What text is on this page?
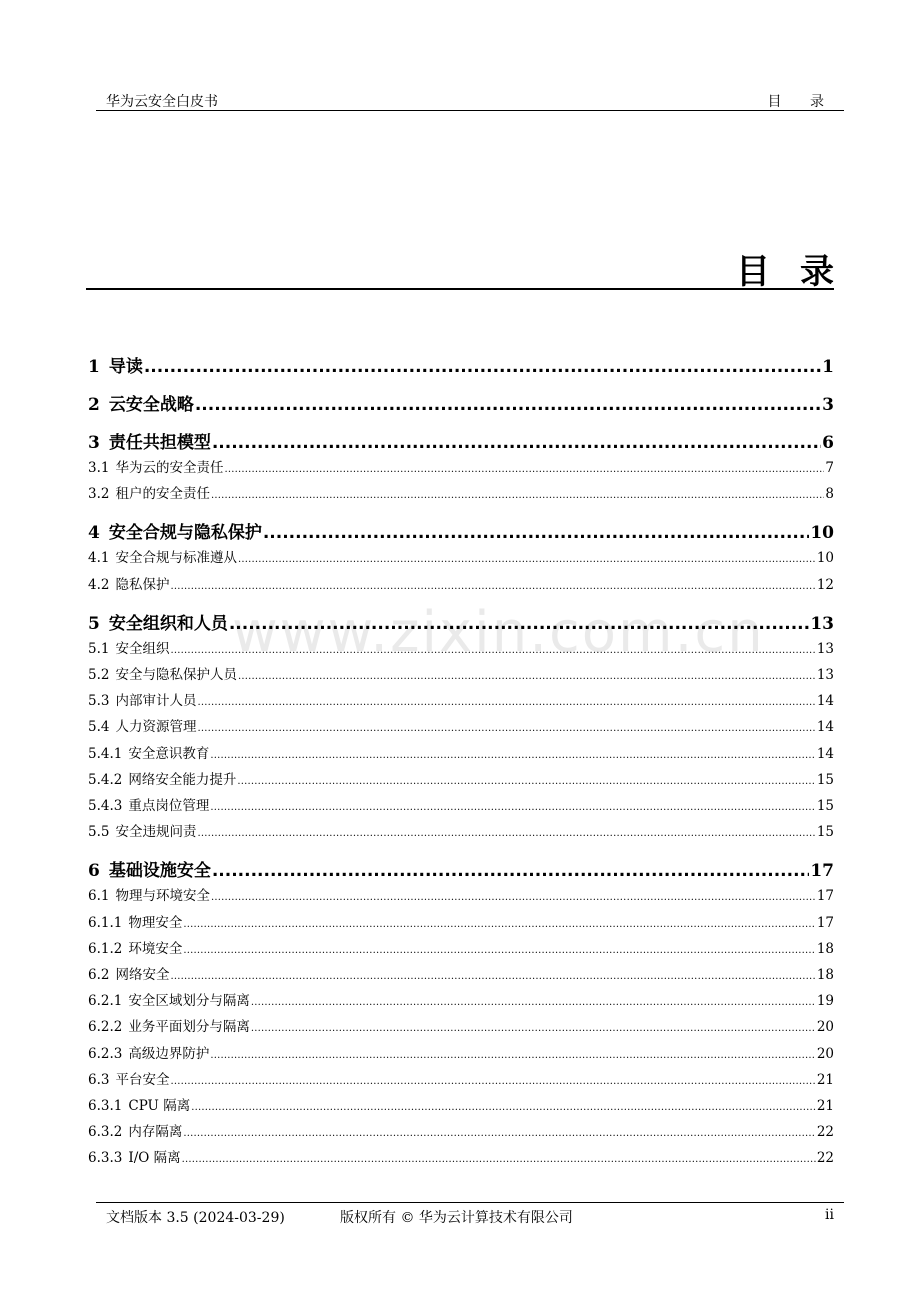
华为云安全白皮书	目 录
目录
www.zixin.com.cn
1 导读 .....	1
2 云安全战略 .....	3
3 责任共担模型 .....	6
3.1 华为云的安全责任 .....	7
3.2 租户的安全责任 .....	8
4 安全合规与隐私保护 .....	10
4.1 安全合规与标准遵从 .....	10
4.2 隐私保护 .....	12
5 安全组织和人员 .....	13
5.1 安全组织 .....	13
5.2 安全与隐私保护人员 .....	13
5.3 内部审计人员 .....	14
5.4 人力资源管理 .....	14
5.4.1 安全意识教育 .....	14
5.4.2 网络安全能力提升 .....	15
5.4.3 重点岗位管理 .....	15
5.5 安全违规问责 .....	15
6 基础设施安全 .....	17
6.1 物理与环境安全 .....	17
6.1.1 物理安全 .....	17
6.1.2 环境安全 .....	18
6.2 网络安全 .....	18
6.2.1 安全区域划分与隔离 .....	19
6.2.2 业务平面划分与隔离 .....	20
6.2.3 高级边界防护 .....	20
6.3 平台安全 .....	21
6.3.1 CPU 隔离 .....	21
6.3.2 内存隔离 .....	22
6.3.3 I/O 隔离 .....	22
文档版本 3.5 (2024-03-29)	版权所有 © 华为云计算技术有限公司	ii
